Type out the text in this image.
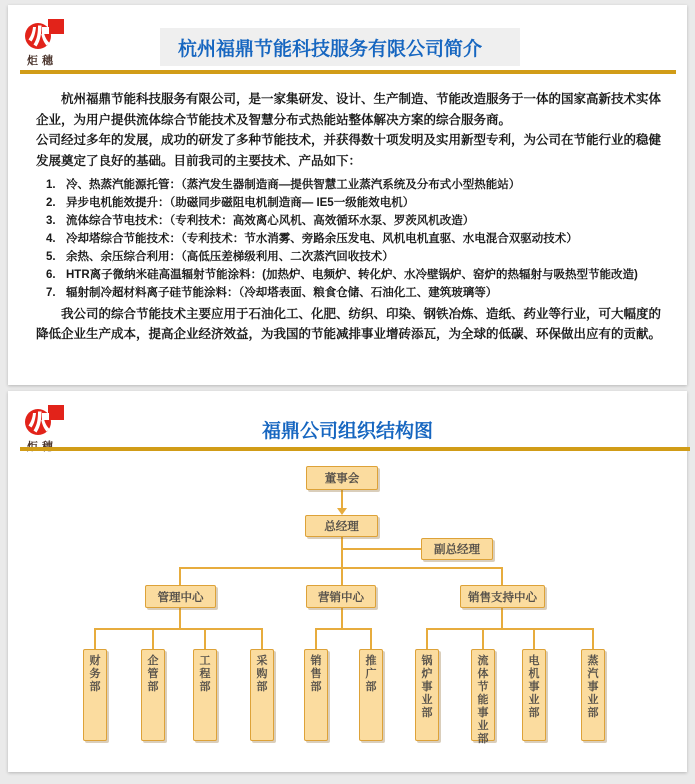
炬穗
杭州福鼎节能科技服务有限公司简介

杭州福鼎节能科技服务有限公司，是一家集研发、设计、生产制造、节能改造服务于一体的国家高新技术实体企业，为用户提供流体综合节能技术及智慧分布式热能站整体解决方案的综合服务商。

公司经过多年的发展，成功的研发了多种节能技术，并获得数十项发明及实用新型专利，为公司在节能行业的稳健发展奠定了良好的基础。目前我司的主要技术、产品如下：

1. 冷、热蒸汽能源托管：（蒸汽发生器制造商—提供智慧工业蒸汽系统及分布式小型热能站）
2. 异步电机能效提升：（助磁同步磁阻电机制造商— IE5一级能效电机）
3. 流体综合节电技术：（专利技术：高效离心风机、高效循环水泵、罗茨风机改造）
4. 冷却塔综合节能技术：（专利技术：节水消雾、旁路余压发电、风机电机直驱、水电混合双驱动技术）
5. 余热、余压综合利用：（高低压差梯级利用、二次蒸汽回收技术）
6. HTR离子微纳米硅高温辐射节能涂料：(加热炉、电频炉、转化炉、水冷壁锅炉、窑炉的热辐射与吸热型节能改造)
7. 辐射制冷超材料离子硅节能涂料：（冷却塔表面、粮食仓储、石油化工、建筑玻璃等）

我公司的综合节能技术主要应用于石油化工、化肥、纺织、印染、钢铁冶炼、造纸、药业等行业，可大幅度的降低企业生产成本，提高企业经济效益，为我国的节能减排事业增砖添瓦，为全球的低碳、环保做出应有的贡献。

福鼎公司组织结构图
董事会
总经理
副总经理
管理中心	营销中心	销售支持中心
财务部
企管部
工程部
采购部
销售部
推广部
锅炉事业部
流体节能事业部
电机事业部
蒸汽事业部
